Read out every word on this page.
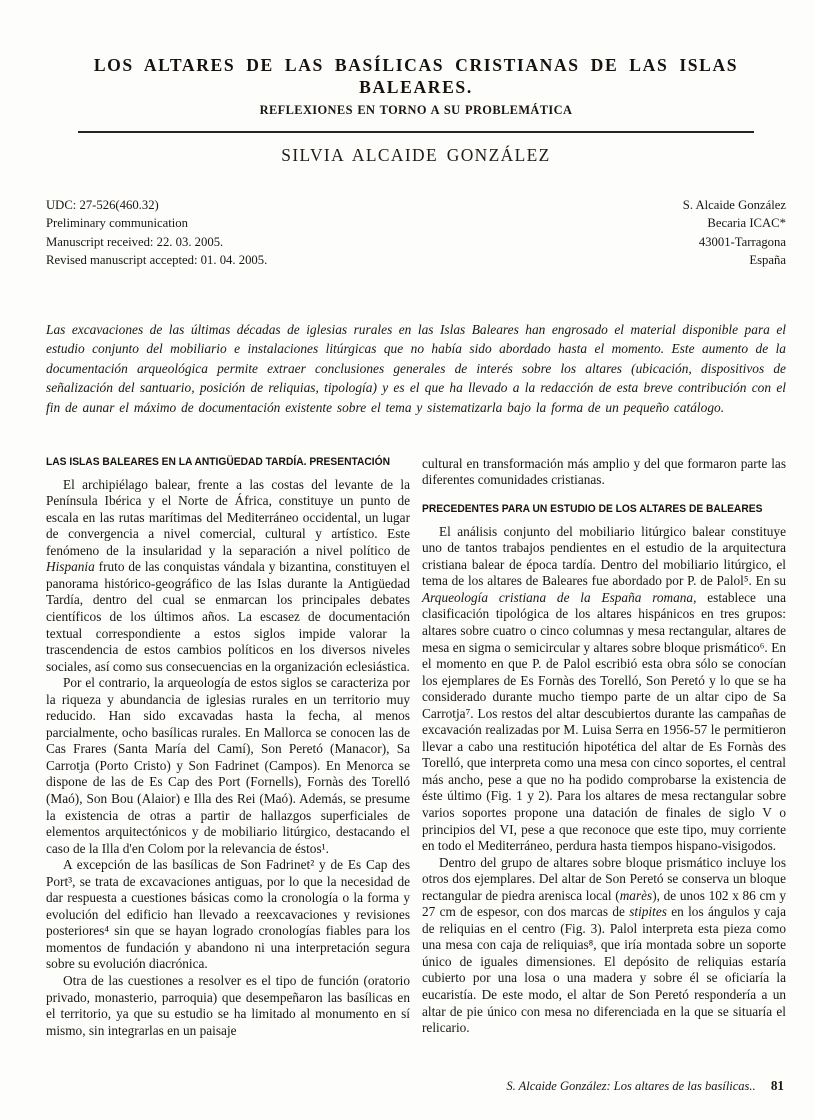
LOS ALTARES DE LAS BASÍLICAS CRISTIANAS DE LAS ISLAS BALEARES.
REFLEXIONES EN TORNO A SU PROBLEMÁTICA
SILVIA ALCAIDE GONZÁLEZ
UDC: 27-526(460.32)
Preliminary communication
Manuscript received: 22. 03. 2005.
Revised manuscript accepted: 01. 04. 2005.
S. Alcaide González
Becaria ICAC*
43001-Tarragona
España
Las excavaciones de las últimas décadas de iglesias rurales en las Islas Baleares han engrosado el material disponible para el estudio conjunto del mobiliario e instalaciones litúrgicas que no había sido abordado hasta el momento. Este aumento de la documentación arqueológica permite extraer conclusiones generales de interés sobre los altares (ubicación, dispositivos de señalización del santuario, posición de reliquias, tipología) y es el que ha llevado a la redacción de esta breve contribución con el fin de aunar el máximo de documentación existente sobre el tema y sistematizarla bajo la forma de un pequeño catálogo.
LAS ISLAS BALEARES EN LA ANTIGÜEDAD TARDÍA. PRESENTACIÓN

El archipiélago balear, frente a las costas del levante de la Península Ibérica y el Norte de África, constituye un punto de escala en las rutas marítimas del Mediterráneo occidental, un lugar de convergencia a nivel comercial, cultural y artístico. Este fenómeno de la insularidad y la separación a nivel político de Hispania fruto de las conquistas vándala y bizantina, constituyen el panorama histórico-geográfico de las Islas durante la Antigüedad Tardía, dentro del cual se enmarcan los principales debates científicos de los últimos años. La escasez de documentación textual correspondiente a estos siglos impide valorar la trascendencia de estos cambios políticos en los diversos niveles sociales, así como sus consecuencias en la organización eclesiástica.

Por el contrario, la arqueología de estos siglos se caracteriza por la riqueza y abundancia de iglesias rurales en un territorio muy reducido. Han sido excavadas hasta la fecha, al menos parcialmente, ocho basílicas rurales. En Mallorca se conocen las de Cas Frares (Santa María del Camí), Son Peretó (Manacor), Sa Carrotja (Porto Cristo) y Son Fadrinet (Campos). En Menorca se dispone de las de Es Cap des Port (Fornells), Fornàs des Torelló (Maó), Son Bou (Alaior) e Illa des Rei (Maó). Además, se presume la existencia de otras a partir de hallazgos superficiales de elementos arquitectónicos y de mobiliario litúrgico, destacando el caso de la Illa d'en Colom por la relevancia de éstos¹.

A excepción de las basílicas de Son Fadrinet² y de Es Cap des Port³, se trata de excavaciones antiguas, por lo que la necesidad de dar respuesta a cuestiones básicas como la cronología o la forma y evolución del edificio han llevado a reexcavaciones y revisiones posteriores⁴ sin que se hayan logrado cronologías fiables para los momentos de fundación y abandono ni una interpretación segura sobre su evolución diacrónica.

Otra de las cuestiones a resolver es el tipo de función (oratorio privado, monasterio, parroquia) que desempeñaron las basílicas en el territorio, ya que su estudio se ha limitado al monumento en sí mismo, sin integrarlas en un paisaje

cultural en transformación más amplio y del que formaron parte las diferentes comunidades cristianas.

PRECEDENTES PARA UN ESTUDIO DE LOS ALTARES DE BALEARES

El análisis conjunto del mobiliario litúrgico balear constituye uno de tantos trabajos pendientes en el estudio de la arquitectura cristiana balear de época tardía. Dentro del mobiliario litúrgico, el tema de los altares de Baleares fue abordado por P. de Palol⁵. En su Arqueología cristiana de la España romana, establece una clasificación tipológica de los altares hispánicos en tres grupos: altares sobre cuatro o cinco columnas y mesa rectangular, altares de mesa en sigma o semicircular y altares sobre bloque prismático⁶. En el momento en que P. de Palol escribió esta obra sólo se conocían los ejemplares de Es Fornàs des Torelló, Son Peretó y lo que se ha considerado durante mucho tiempo parte de un altar cipo de Sa Carrotja⁷. Los restos del altar descubiertos durante las campañas de excavación realizadas por M. Luisa Serra en 1956-57 le permitieron llevar a cabo una restitución hipotética del altar de Es Fornàs des Torelló, que interpreta como una mesa con cinco soportes, el central más ancho, pese a que no ha podido comprobarse la existencia de éste último (Fig. 1 y 2). Para los altares de mesa rectangular sobre varios soportes propone una datación de finales de siglo V o principios del VI, pese a que reconoce que este tipo, muy corriente en todo el Mediterráneo, perdura hasta tiempos hispano-visigodos.

Dentro del grupo de altares sobre bloque prismático incluye los otros dos ejemplares. Del altar de Son Peretó se conserva un bloque rectangular de piedra arenisca local (marès), de unos 102 x 86 cm y 27 cm de espesor, con dos marcas de stipites en los ángulos y caja de reliquias en el centro (Fig. 3). Palol interpreta esta pieza como una mesa con caja de reliquias⁸, que iría montada sobre un soporte único de iguales dimensiones. El depósito de reliquias estaría cubierto por una losa o una madera y sobre él se oficiaría la eucaristía. De este modo, el altar de Son Peretó respondería a un altar de pie único con mesa no diferenciada en la que se situaría el relicario.

S. Alcaide González: Los altares de las basílicas.. 81
